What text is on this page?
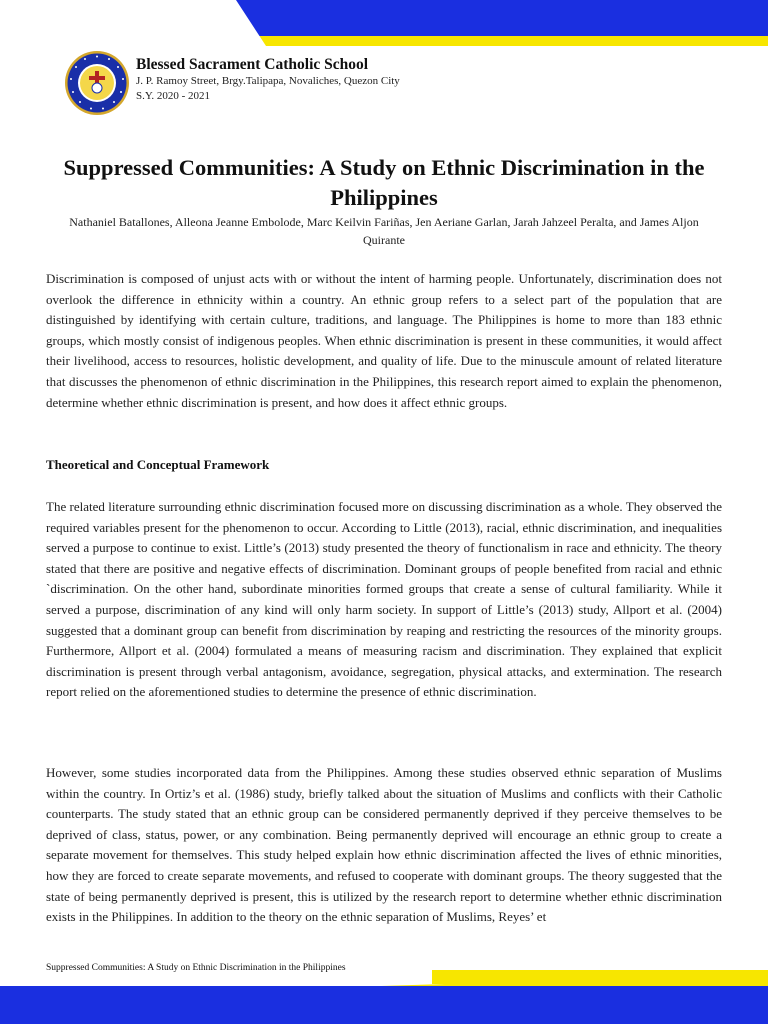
Blessed Sacrament Catholic School
J. P. Ramoy Street, Brgy.Talipapa, Novaliches, Quezon City
S.Y. 2020 - 2021
Suppressed Communities: A Study on Ethnic Discrimination in the Philippines

Nathaniel Batallones, Alleona Jeanne Embolode, Marc Keilvin Fariñas, Jen Aeriane Garlan, Jarah Jahzeel Peralta, and James Aljon Quirante

Discrimination is composed of unjust acts with or without the intent of harming people. Unfortunately, discrimination does not overlook the difference in ethnicity within a country. An ethnic group refers to a select part of the population that are distinguished by identifying with certain culture, traditions, and language. The Philippines is home to more than 183 ethnic groups, which mostly consist of indigenous peoples. When ethnic discrimination is present in these communities, it would affect their livelihood, access to resources, holistic development, and quality of life. Due to the minuscule amount of related literature that discusses the phenomenon of ethnic discrimination in the Philippines, this research report aimed to explain the phenomenon, determine whether ethnic discrimination is present, and how does it affect ethnic groups.

Theoretical and Conceptual Framework

The related literature surrounding ethnic discrimination focused more on discussing discrimination as a whole. They observed the required variables present for the phenomenon to occur. According to Little (2013), racial, ethnic discrimination, and inequalities served a purpose to continue to exist. Little’s (2013) study presented the theory of functionalism in race and ethnicity. The theory stated that there are positive and negative effects of discrimination. Dominant groups of people benefited from racial and ethnic `discrimination. On the other hand, subordinate minorities formed groups that create a sense of cultural familiarity. While it served a purpose, discrimination of any kind will only harm society. In support of Little’s (2013) study, Allport et al. (2004) suggested that a dominant group can benefit from discrimination by reaping and restricting the resources of the minority groups. Furthermore, Allport et al. (2004) formulated a means of measuring racism and discrimination. They explained that explicit discrimination is present through verbal antagonism, avoidance, segregation, physical attacks, and extermination. The research report relied on the aforementioned studies to determine the presence of ethnic discrimination.

However, some studies incorporated data from the Philippines. Among these studies observed ethnic separation of Muslims within the country. In Ortiz’s et al. (1986) study, briefly talked about the situation of Muslims and conflicts with their Catholic counterparts. The study stated that an ethnic group can be considered permanently deprived if they perceive themselves to be deprived of class, status, power, or any combination. Being permanently deprived will encourage an ethnic group to create a separate movement for themselves. This study helped explain how ethnic discrimination affected the lives of ethnic minorities, how they are forced to create separate movements, and refused to cooperate with dominant groups. The theory suggested that the state of being permanently deprived is present, this is utilized by the research report to determine whether ethnic discrimination exists in the Philippines. In addition to the theory on the ethnic separation of Muslims, Reyes’ et

Suppressed Communities: A Study on Ethnic Discrimination in the Philippines
